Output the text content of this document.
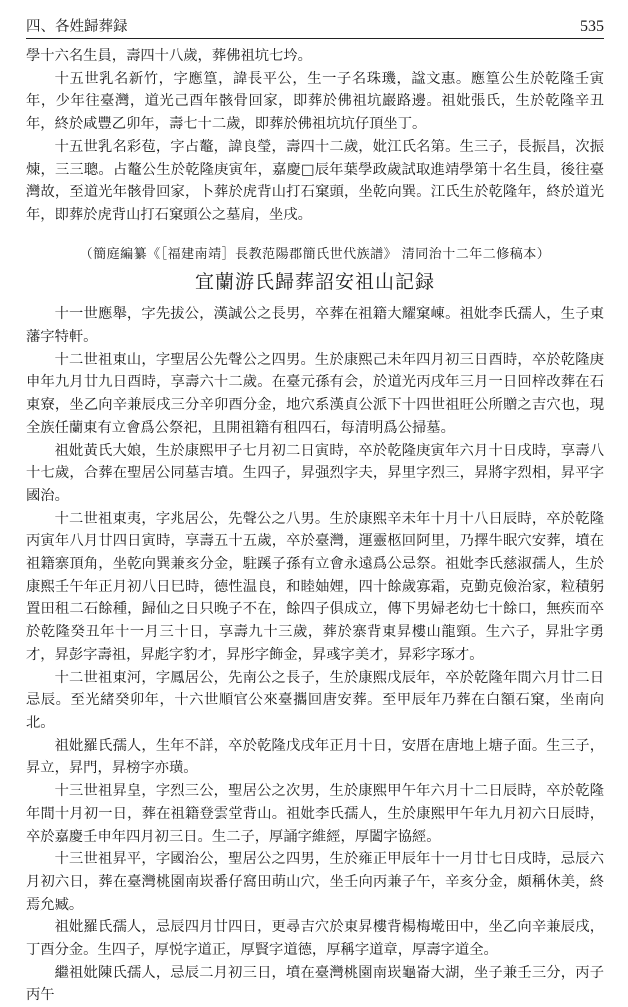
四、各姓歸葬録	535

學十六名生員，壽四十八歲，葬佛祖坑七坅。

十五世乳名新竹，字應篁，諱長平公，生一子名珠璣，諡文惠。應篁公生於乾隆壬寅年，少年往臺灣，道光己酉年骸骨回家，即葬於佛祖坑巖路邊。祖妣張氏，生於乾隆辛丑年，終於咸豐乙卯年，壽七十二歲，即葬於佛祖坑坑仔頂坐丁。

十五世乳名彩苞，字占鼇，諱良瑩，壽四十二歲，妣江氏名第。生三子，長振昌，次振煉，三三聰。占鼇公生於乾隆庚寅年，嘉慶□辰年葉學政歲試取進靖學第十名生員，後往臺灣故，至道光年骸骨回家，卜葬於虎背山打石窠頭，坐乾向巽。江氏生於乾隆年，終於道光年，即葬於虎背山打石窠頭公之墓肩，坐戌。

（簡庭編纂《［福建南靖］長教范陽郡簡氏世代族譜》 清同治十二年二修稿本）
宜蘭游氏歸葬詔安祖山記録

十一世應舉，字先拔公，漢誠公之長男，卒葬在祖籍大耀窠崠。祖妣李氏孺人，生子東藩字特軒。

十二世祖東山，字聖居公先聲公之四男。生於康熙己未年四月初三日酉時，卒於乾隆庚申年九月廿九日酉時，享壽六十二歲。在臺元孫有会，於道光丙戌年三月一日回梓改葬在石東寮，坐乙向辛兼辰戌三分辛卯酉分金，地穴系漢貞公派下十四世祖旺公所贈之吉穴也，現全族任蘭東有立會爲公祭祀，且開祖籍有租四石，每清明爲公掃墓。

祖妣黃氏大娘，生於康熙甲子七月初二日寅時，卒於乾隆庚寅年六月十日戌時，享壽八十七歲，合葬在聖居公同墓吉墳。生四子，昇强烈字夫，昇里字烈三，昇將字烈相，昇平字國治。

十二世祖東夷，字兆居公，先聲公之八男。生於康熙辛未年十月十八日辰時，卒於乾隆丙寅年八月廿四日寅時，享壽五十五歲，卒於臺灣，運靈柩回阿里，乃擇牛眠穴安葬，墳在祖籍寨頂角，坐乾向巽兼亥分金，駐蹊子孫有立會永遠爲公忌祭。祖妣李氏慈淑孺人，生於康熙壬午年正月初八日巳時，德性温良，和睦妯娌，四十餘歲寡霜，克勤克儉治家，粒積躬置田租二石餘種，歸仙之日只晚子不在，餘四子俱成立，傳下男婦老幼七十餘口，無疾而卒於乾隆癸丑年十一月三十日，享壽九十三歲，葬於寨背東昇樓山龍頸。生六子，昇壯字勇才，昇彭字壽祖，昇彪字豹才，昇彤字飾金，昇彧字美才，昇彩字琢才。

十二世祖東河，字鳳居公，先南公之長子，生於康熙戊辰年，卒於乾隆年間六月廿二日忌辰。至光緒癸卯年，十六世順官公來臺攜回唐安葬。至甲辰年乃葬在白額石窠，坐南向北。

祖妣羅氏孺人，生年不詳，卒於乾隆戊戌年正月十日，安厝在唐地上塘子面。生三子，昇立，昇門，昇榜字亦璜。

十三世祖昇皇，字烈三公，聖居公之次男，生於康熙甲午年六月十二日辰時，卒於乾隆年間十月初一日，葬在祖籍登雲堂背山。祖妣李氏孺人，生於康熙甲午年九月初六日辰時，卒於嘉慶壬申年四月初三日。生二子，厚誦字維經，厚闔字協經。

十三世祖昇平，字國治公，聖居公之四男，生於雍正甲辰年十一月廿七日戌時，忌辰六月初六日，葬在臺灣桃園南崁番仔窩田萌山穴，坐壬向丙兼子午，辛亥分金，頗稱休美，終焉允臧。

祖妣羅氏孺人，忌辰四月廿四日，更尋吉穴於東昇樓背楊梅墘田中，坐乙向辛兼辰戌，丁酉分金。生四子，厚悦字道正，厚賢字道德，厚稱字道章，厚壽字道全。

繼祖妣陳氏孺人，忌辰二月初三日，墳在臺灣桃園南崁龜崙大湖，坐子兼壬三分，丙子丙午
